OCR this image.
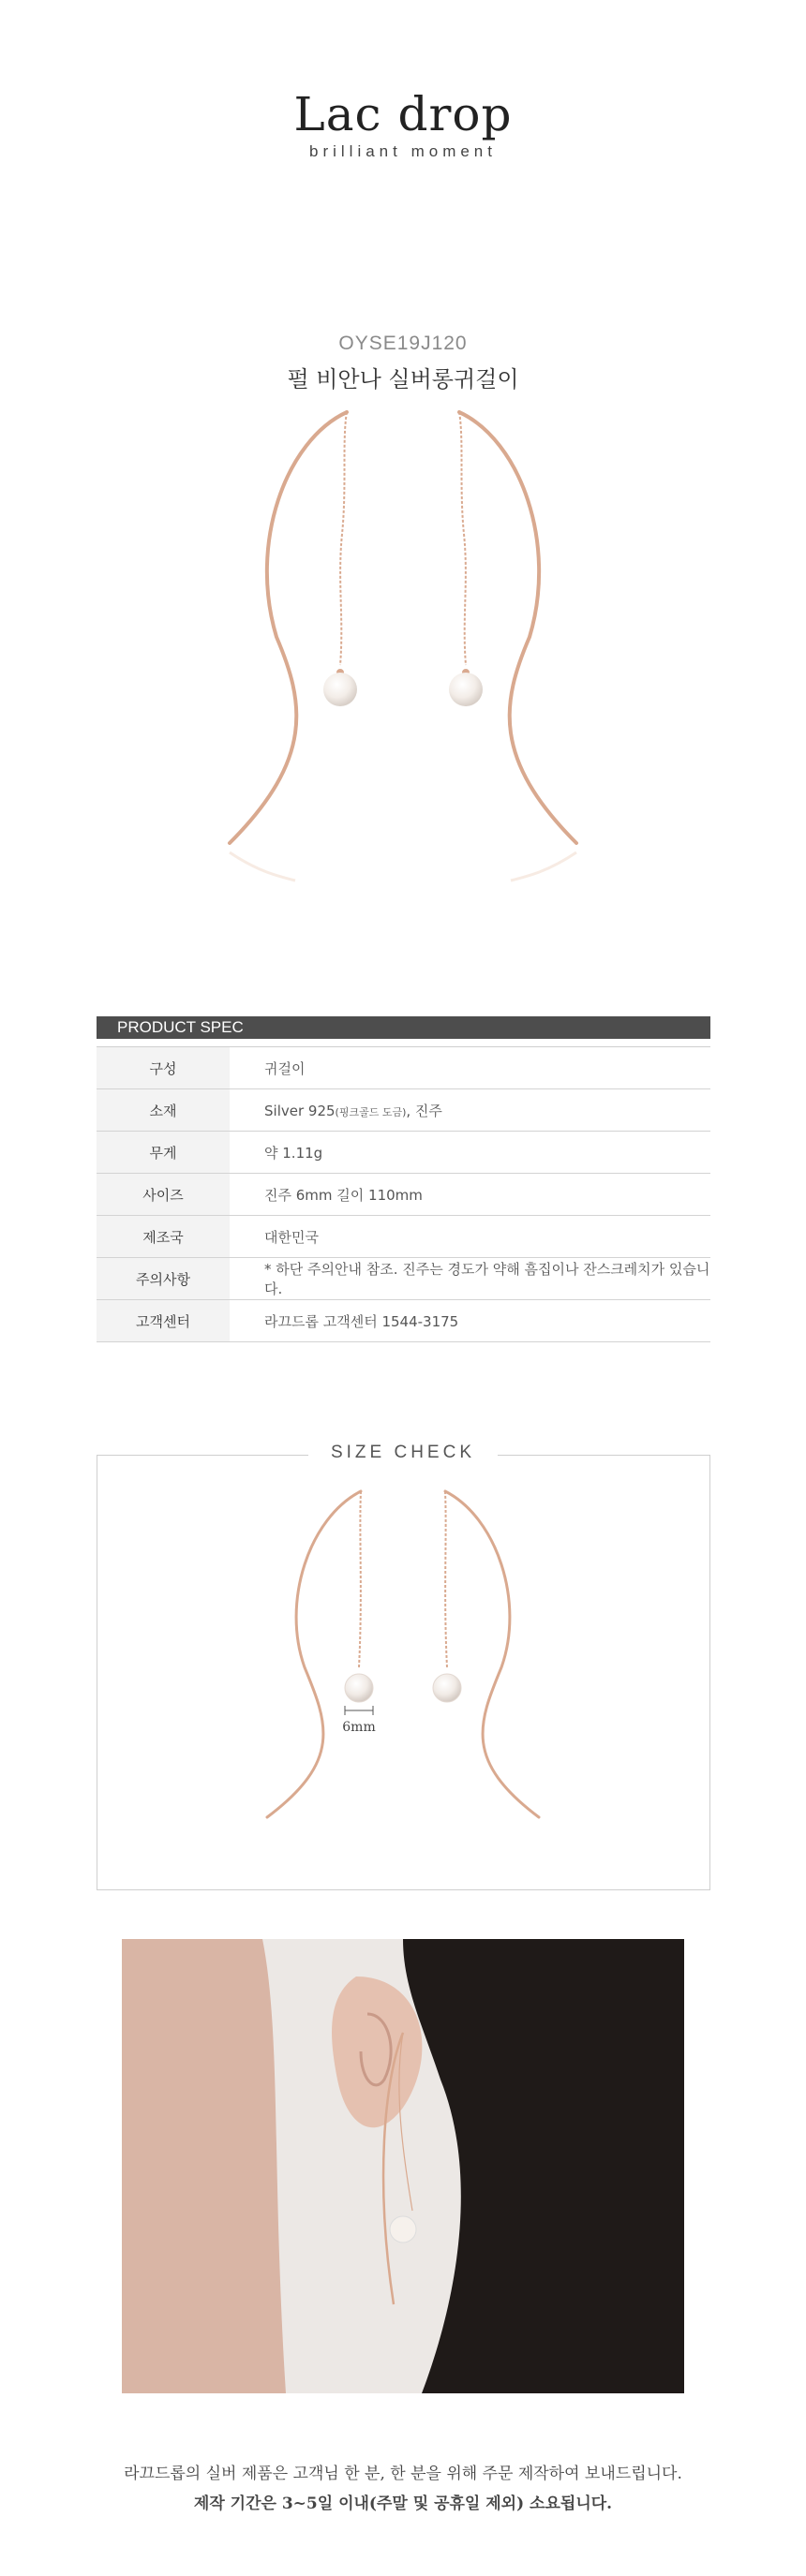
Lac drop
brilliant moment
OYSE19J120
펄 비안나 실버롱귀걸이
PRODUCT SPEC
구성	귀걸이
소재	Silver 925(핑크골드 도금), 진주
무게	약 1.11g
사이즈	진주 6mm 길이 110mm
제조국	대한민국
주의사항	* 하단 주의안내 참조. 진주는 경도가 약해 흠집이나 잔스크레치가 있습니다.
고객센터	라끄드롭 고객센터 1544-3175
SIZE CHECK
6mm
라끄드롭의 실버 제품은 고객님 한 분, 한 분을 위해 주문 제작하여 보내드립니다.
제작 기간은 3~5일 이내(주말 및 공휴일 제외) 소요됩니다.
